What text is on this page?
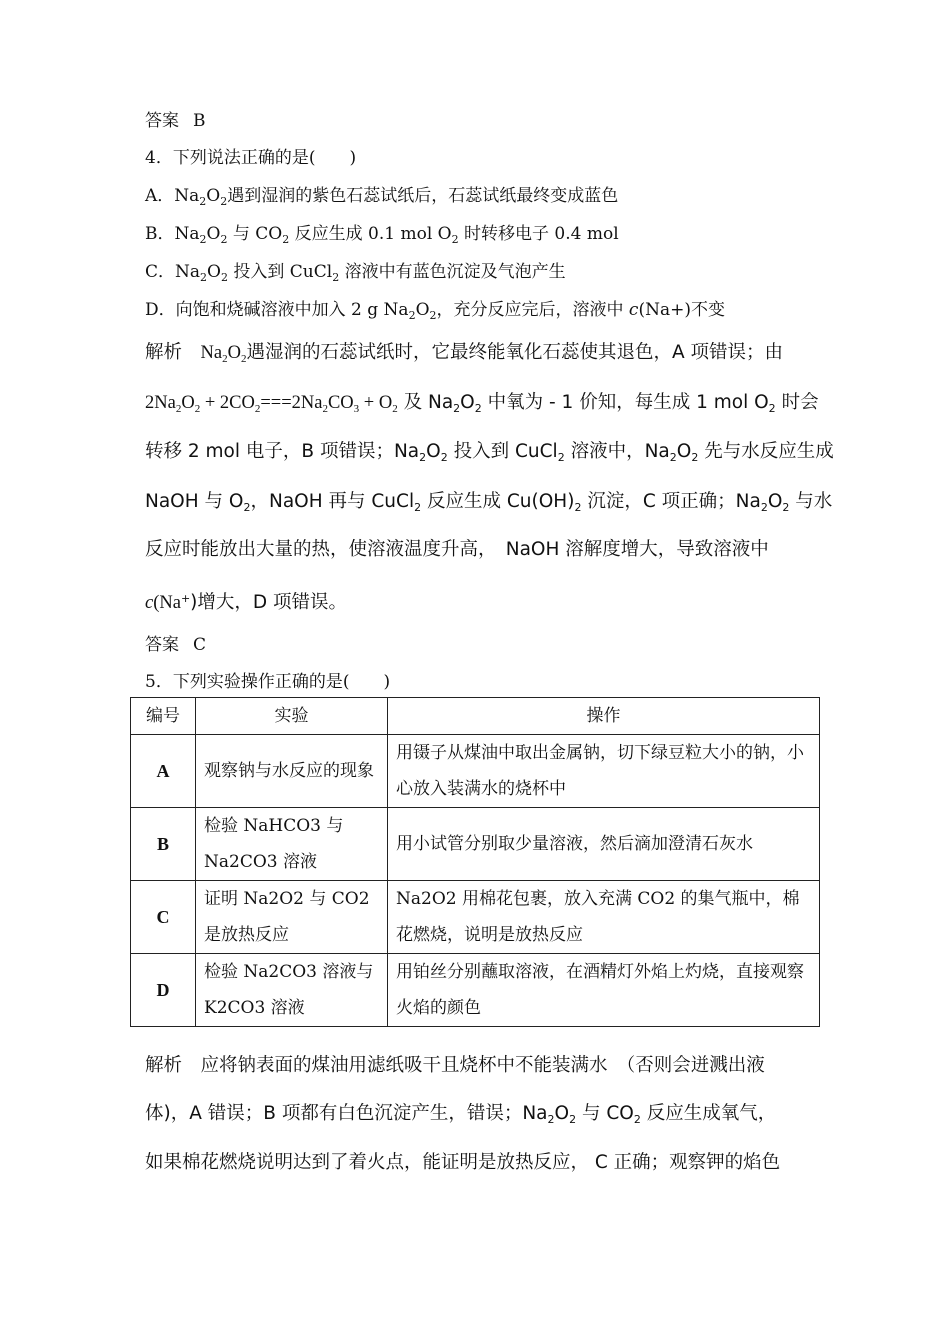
答案 B
4．下列说法正确的是(　　)
A．$Na_2O_2$遇到湿润的紫色石蕊试纸后，石蕊试纸最终变成蓝色
B．$Na_2O_2$ 与 $CO_2$ 反应生成 0.1 mol $O_2$ 时转移电子 0.4 mol
C．$Na_2O_2$ 投入到 CuCl$_2$ 溶液中有蓝色沉淀及气泡产生
D．向饱和烧碱溶液中加入 2 g $Na_2O_2$，充分反应完后，溶液中 c(Na+)不变
解析　 $Na_2O_2$遇湿润的石蕊试纸时，它最终能氧化石蕊使其退色，A 项错误；由
$2Na_2O_2 + 2CO_2===2Na_2CO_3 + O_2$ 及 $Na_2O_2$ 中氧为 - 1 价知，每生成 1 mol $O_2$ 时会
转移 2 mol 电子，B 项错误；$Na_2O_2$ 投入到 CuCl$_2$ 溶液中，$Na_2O_2$ 先与水反应生成
NaOH 与 $O_2$，NaOH 再与 CuCl$_2$ 反应生成 $Cu(OH)_2$ 沉淀，C 项正确；$Na_2O_2$ 与水
反应时能放出大量的热，使溶液温度升高，　NaOH 溶解度增大，导致溶液中
c(Na+)增大，D 项错误。
答案 C
5．下列实验操作正确的是(　　)
编号	实验	操作
A	观察钠与水反应的现象	用镊子从煤油中取出金属钠，切下绿豆粒大小的钠，小心放入装满水的烧杯中
B	检验 NaHCO3 与 Na2CO3 溶液	用小试管分别取少量溶液，然后滴加澄清石灰水
C	证明 Na2O2 与 CO2 是放热反应	Na2O2 用棉花包裹，放入充满 CO2 的集气瓶中，棉花燃烧，说明是放热反应
D	检验 Na2CO3 溶液与 K2CO3 溶液	用铂丝分别蘸取溶液，在酒精灯外焰上灼烧，直接观察火焰的颜色
解析　 应将钠表面的煤油用滤纸吸干且烧杯中不能装满水　（否则会迸溅出液
体)，A 错误；B 项都有白色沉淀产生，错误；$Na_2O_2$ 与 $CO_2$ 反应生成氧气，
如果棉花燃烧说明达到了着火点，能证明是放热反应， C 正确；观察钾的焰色
